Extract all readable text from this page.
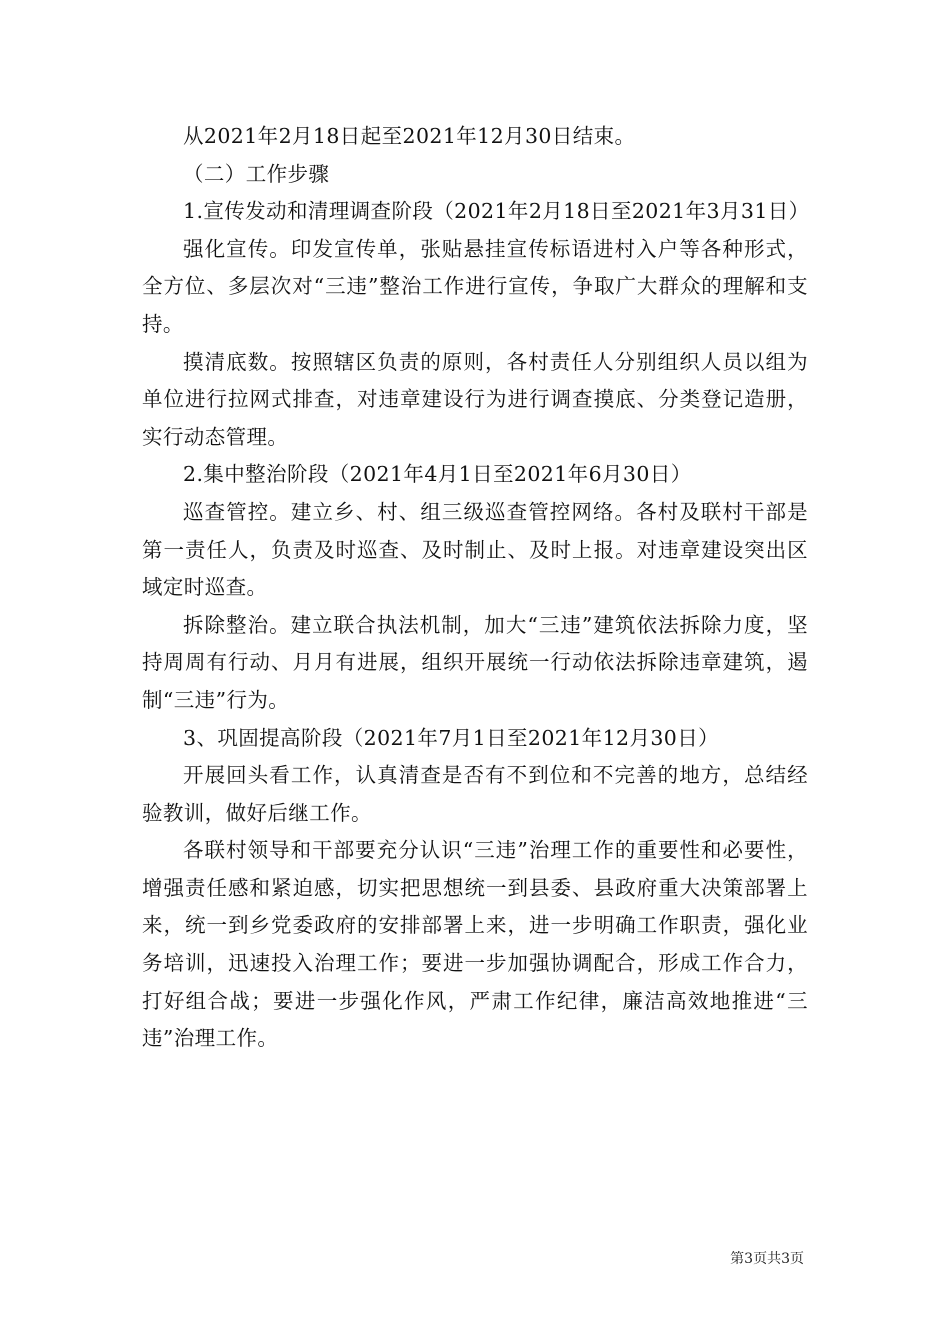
从2021年2月18日起至2021年12月30日结束。

（二）工作步骤

1.宣传发动和清理调查阶段（2021年2月18日至2021年3月31日）

强化宣传。印发宣传单，张贴悬挂宣传标语进村入户等各种形式，全方位、多层次对“三违”整治工作进行宣传，争取广大群众的理解和支持。

摸清底数。按照辖区负责的原则，各村责任人分别组织人员以组为单位进行拉网式排查，对违章建设行为进行调查摸底、分类登记造册，实行动态管理。

2.集中整治阶段（2021年4月1日至2021年6月30日）

巡查管控。建立乡、村、组三级巡查管控网络。各村及联村干部是第一责任人，负责及时巡查、及时制止、及时上报。对违章建设突出区域定时巡查。

拆除整治。建立联合执法机制，加大“三违”建筑依法拆除力度，坚持周周有行动、月月有进展，组织开展统一行动依法拆除违章建筑，遏制“三违”行为。

3、巩固提高阶段（2021年7月1日至2021年12月30日）

开展回头看工作，认真清查是否有不到位和不完善的地方，总结经验教训，做好后继工作。

各联村领导和干部要充分认识“三违”治理工作的重要性和必要性，增强责任感和紧迫感，切实把思想统一到县委、县政府重大决策部署上来，统一到乡党委政府的安排部署上来，进一步明确工作职责，强化业务培训，迅速投入治理工作；要进一步加强协调配合，形成工作合力，打好组合战；要进一步强化作风，严肃工作纪律，廉洁高效地推进“三违”治理工作。

第3页共3页
